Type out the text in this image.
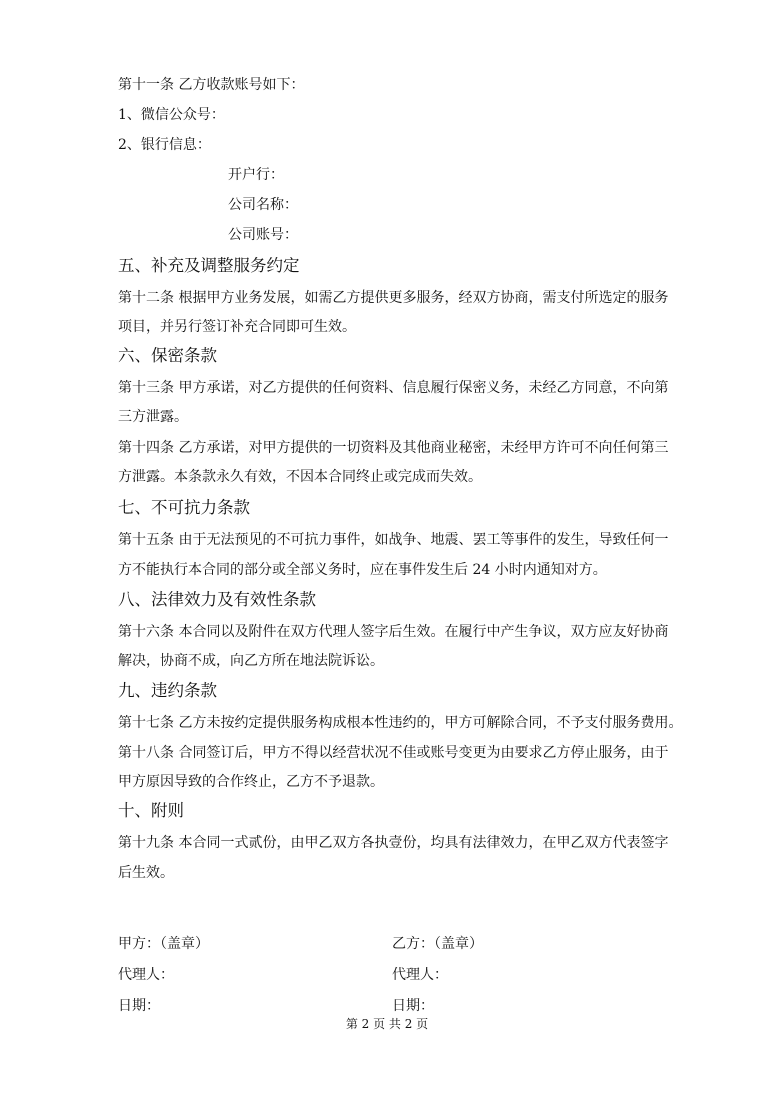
第十一条 乙方收款账号如下：
1、微信公众号：
2、银行信息：
开户行：
公司名称：
公司账号：
五、补充及调整服务约定
第十二条 根据甲方业务发展，如需乙方提供更多服务，经双方协商，需支付所选定的服务
项目，并另行签订补充合同即可生效。
六、保密条款
第十三条 甲方承诺，对乙方提供的任何资料、信息履行保密义务，未经乙方同意，不向第
三方泄露。
第十四条 乙方承诺，对甲方提供的一切资料及其他商业秘密，未经甲方许可不向任何第三
方泄露。本条款永久有效，不因本合同终止或完成而失效。
七、不可抗力条款
第十五条 由于无法预见的不可抗力事件，如战争、地震、罢工等事件的发生，导致任何一
方不能执行本合同的部分或全部义务时，应在事件发生后 24 小时内通知对方。
八、法律效力及有效性条款
第十六条 本合同以及附件在双方代理人签字后生效。在履行中产生争议，双方应友好协商
解决，协商不成，向乙方所在地法院诉讼。
九、违约条款
第十七条 乙方未按约定提供服务构成根本性违约的，甲方可解除合同，不予支付服务费用。
第十八条 合同签订后，甲方不得以经营状况不佳或账号变更为由要求乙方停止服务，由于
甲方原因导致的合作终止，乙方不予退款。
十、附则
第十九条 本合同一式贰份，由甲乙双方各执壹份，均具有法律效力，在甲乙双方代表签字
后生效。
甲方：（盖章）	乙方：（盖章）
代理人：	代理人：
日期：	日期：
第 2 页 共 2 页
